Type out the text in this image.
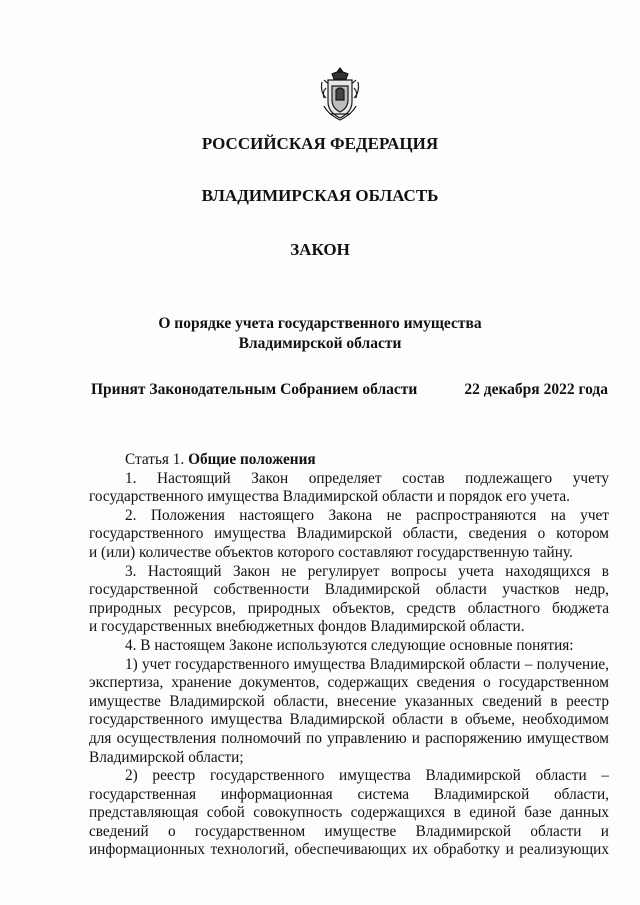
РОССИЙСКАЯ ФЕДЕРАЦИЯ
ВЛАДИМИРСКАЯ ОБЛАСТЬ
ЗАКОН
О порядке учета государственного имущества
Владимирской области
Принят Законодательным Собранием области	22 декабря 2022 года
Статья 1. Общие положения
1. Настоящий Закон определяет состав подлежащего учету
государственного имущества Владимирской области и порядок его учета.
2. Положения настоящего Закона не распространяются на учет
государственного имущества Владимирской области, сведения о котором
и (или) количестве объектов которого составляют государственную тайну.
3. Настоящий Закон не регулирует вопросы учета находящихся в
государственной собственности Владимирской области участков недр,
природных ресурсов, природных объектов, средств областного бюджета
и государственных внебюджетных фондов Владимирской области.
4. В настоящем Законе используются следующие основные понятия:
1) учет государственного имущества Владимирской области – получение,
экспертиза, хранение документов, содержащих сведения о государственном
имуществе Владимирской области, внесение указанных сведений в реестр
государственного имущества Владимирской области в объеме, необходимом
для осуществления полномочий по управлению и распоряжению имуществом
Владимирской области;
2) реестр государственного имущества Владимирской области –
государственная информационная система Владимирской области,
представляющая собой совокупность содержащихся в единой базе данных
сведений о государственном имуществе Владимирской области и
информационных технологий, обеспечивающих их обработку и реализующих
